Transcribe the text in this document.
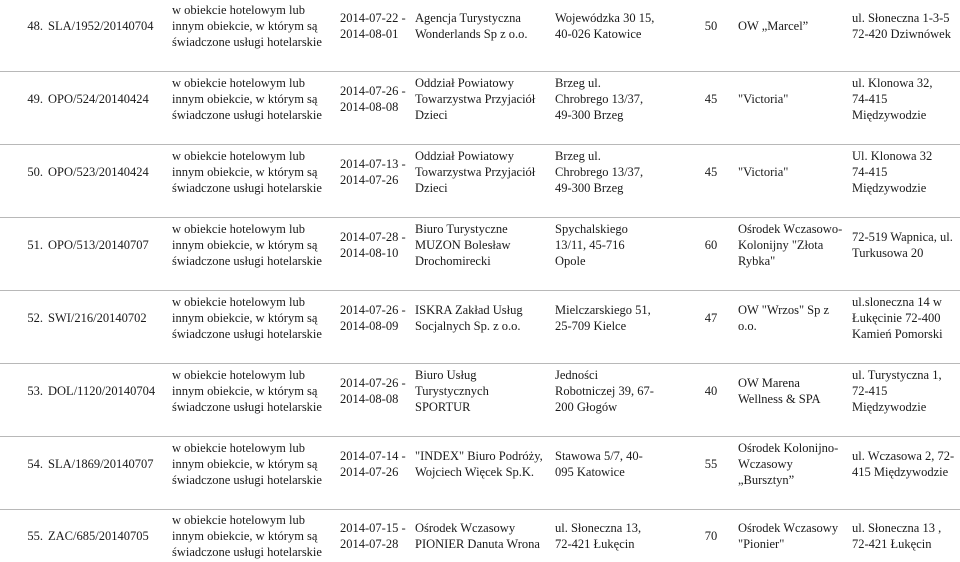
48.	SLA/1952/20140704	w obiekcie hotelowym lub
innym obiekcie, w którym są
świadczone usługi hotelarskie	2014-07-22 -
2014-08-01	Agencja Turystyczna
Wonderlands Sp z o.o.	Wojewódzka 30 15,
40-026 Katowice	50	OW „Marcel”	ul. Słoneczna 1-3-5
72-420 Dziwnówek

49.	OPO/524/20140424	w obiekcie hotelowym lub
innym obiekcie, w którym są
świadczone usługi hotelarskie	2014-07-26 -
2014-08-08	Oddział Powiatowy
Towarzystwa Przyjaciół
Dzieci	Brzeg ul.
Chrobrego 13/37,
49-300 Brzeg	45	"Victoria"	ul. Klonowa 32,
74-415
Międzywodzie

50.	OPO/523/20140424	w obiekcie hotelowym lub
innym obiekcie, w którym są
świadczone usługi hotelarskie	2014-07-13 -
2014-07-26	Oddział Powiatowy
Towarzystwa Przyjaciół
Dzieci	Brzeg ul.
Chrobrego 13/37,
49-300 Brzeg	45	"Victoria"	Ul. Klonowa 32
74-415
Międzywodzie

51.	OPO/513/20140707	w obiekcie hotelowym lub
innym obiekcie, w którym są
świadczone usługi hotelarskie	2014-07-28 -
2014-08-10	Biuro Turystyczne
MUZON Bolesław
Drochomirecki	Spychalskiego
13/11, 45-716
Opole	60	Ośrodek Wczasowo-
Kolonijny "Złota
Rybka"	72-519 Wapnica, ul.
Turkusowa 20

52.	SWI/216/20140702	w obiekcie hotelowym lub
innym obiekcie, w którym są
świadczone usługi hotelarskie	2014-07-26 -
2014-08-09	ISKRA Zakład Usług
Socjalnych Sp. z o.o.	Mielczarskiego 51,
25-709 Kielce	47	OW "Wrzos" Sp z
o.o.	ul.sloneczna 14 w
Łukęcinie 72-400
Kamień Pomorski

53.	DOL/1120/20140704	w obiekcie hotelowym lub
innym obiekcie, w którym są
świadczone usługi hotelarskie	2014-07-26 -
2014-08-08	Biuro Usług
Turystycznych
SPORTUR	Jedności
Robotniczej 39, 67-
200 Głogów	40	OW Marena
Wellness & SPA	ul. Turystyczna 1,
72-415
Międzywodzie

54.	SLA/1869/20140707	w obiekcie hotelowym lub
innym obiekcie, w którym są
świadczone usługi hotelarskie	2014-07-14 -
2014-07-26	"INDEX" Biuro Podróży,
Wojciech Więcek Sp.K.	Stawowa 5/7, 40-
095 Katowice	55	Ośrodek Kolonijno-
Wczasowy
„Bursztyn”	ul. Wczasowa 2, 72-
415 Międzywodzie

55.	ZAC/685/20140705	w obiekcie hotelowym lub
innym obiekcie, w którym są
świadczone usługi hotelarskie	2014-07-15 -
2014-07-28	Ośrodek Wczasowy
PIONIER Danuta Wrona	ul. Słoneczna 13,
72-421 Łukęcin	70	Ośrodek Wczasowy
"Pionier"	ul. Słoneczna 13 ,
72-421 Łukęcin
